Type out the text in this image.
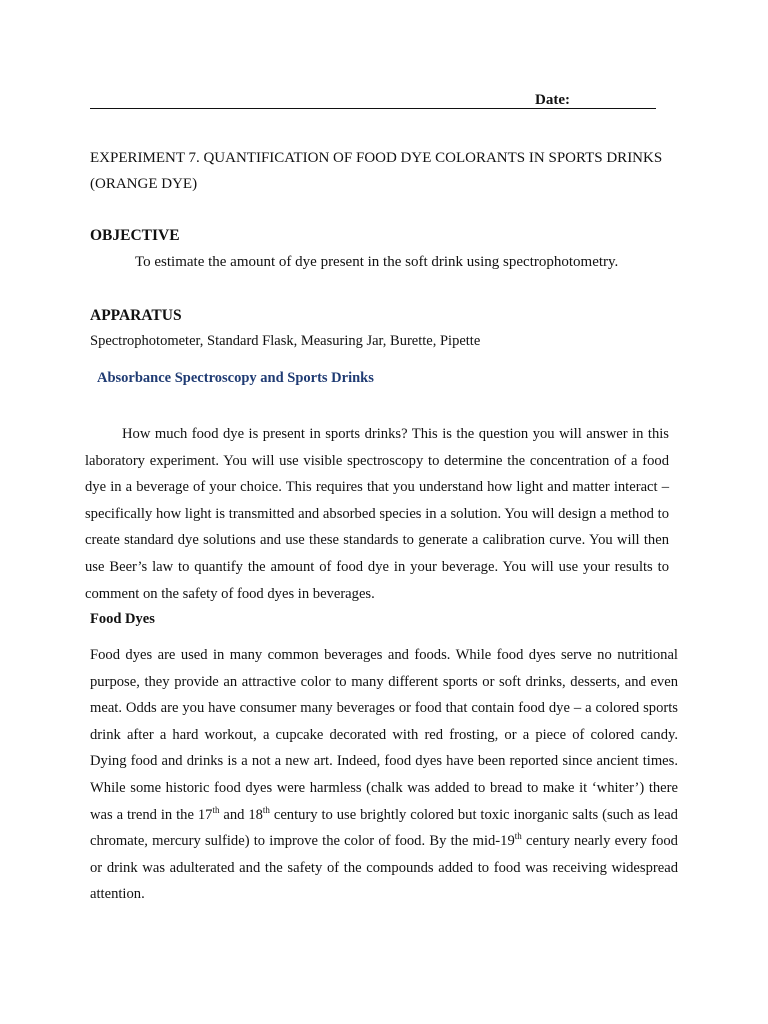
Date:
EXPERIMENT 7. QUANTIFICATION OF FOOD DYE COLORANTS IN SPORTS DRINKS (ORANGE DYE)
OBJECTIVE
To estimate the amount of dye present in the soft drink using spectrophotometry.
APPARATUS
Spectrophotometer, Standard Flask, Measuring Jar, Burette, Pipette
Absorbance Spectroscopy and Sports Drinks

How much food dye is present in sports drinks? This is the question you will answer in this laboratory experiment. You will use visible spectroscopy to determine the concentration of a food dye in a beverage of your choice. This requires that you understand how light and matter interact – specifically how light is transmitted and absorbed species in a solution. You will design a method to create standard dye solutions and use these standards to generate a calibration curve. You will then use Beer’s law to quantify the amount of food dye in your beverage. You will use your results to comment on the safety of food dyes in beverages.

Food Dyes

Food dyes are used in many common beverages and foods. While food dyes serve no nutritional purpose, they provide an attractive color to many different sports or soft drinks, desserts, and even meat. Odds are you have consumer many beverages or food that contain food dye – a colored sports drink after a hard workout, a cupcake decorated with red frosting, or a piece of colored candy. Dying food and drinks is a not a new art. Indeed, food dyes have been reported since ancient times. While some historic food dyes were harmless (chalk was added to bread to make it ‘whiter’) there was a trend in the 17th and 18th century to use brightly colored but toxic inorganic salts (such as lead chromate, mercury sulfide) to improve the color of food. By the mid-19th century nearly every food or drink was adulterated and the safety of the compounds added to food was receiving widespread attention.
